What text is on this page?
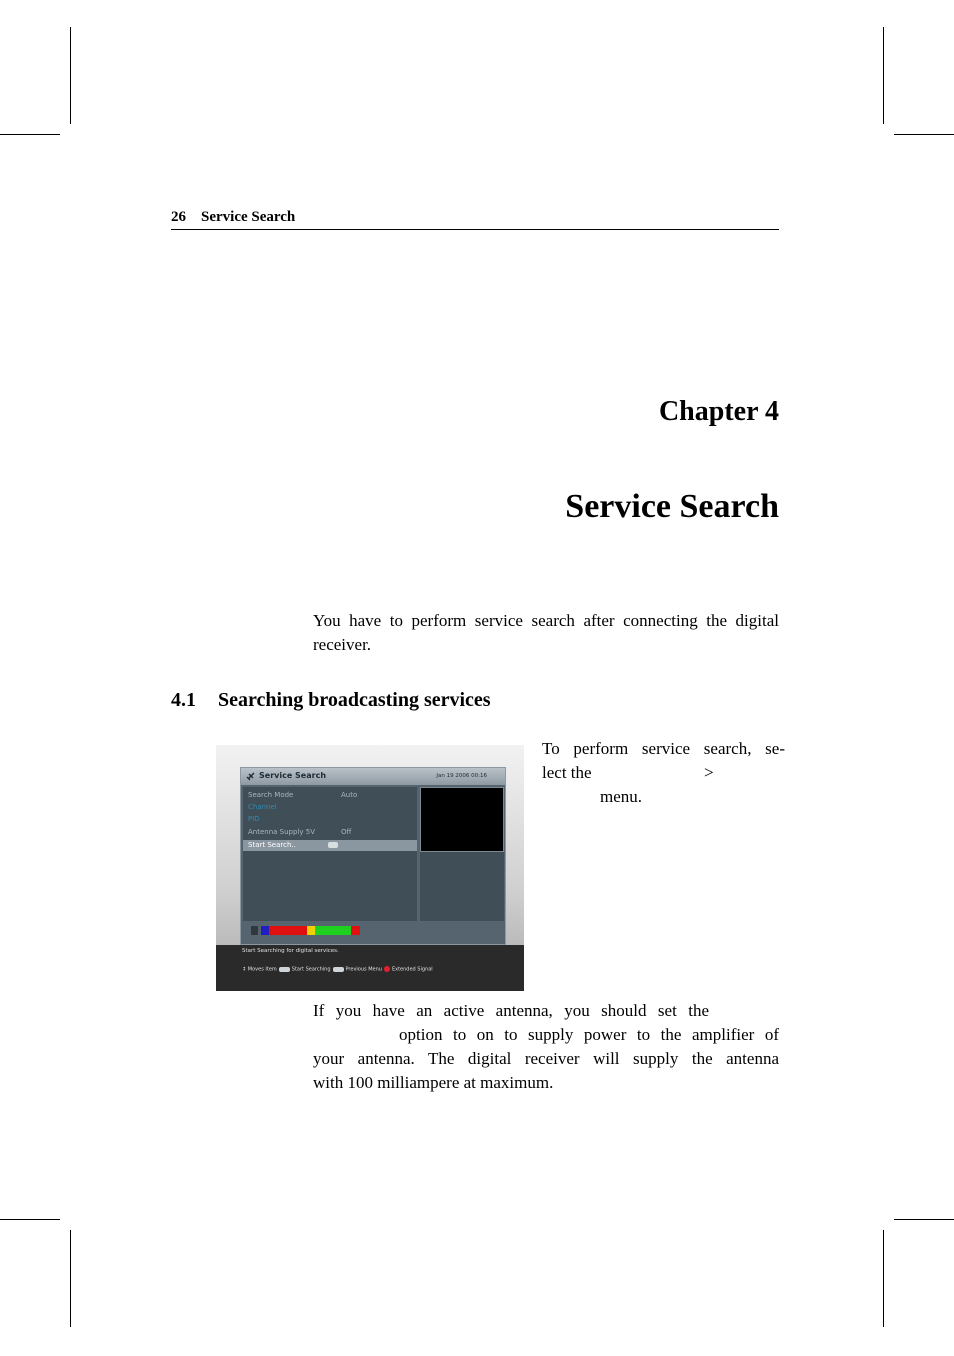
26 Service Search
Chapter 4
Service Search
You have to perform service search after connecting the digital receiver.
4.1 Searching broadcasting services
To perform service search, se-
lect the	>
menu.
Service Search	Jan 19 2006 00:16
Search Mode	Auto
Channel
PID
Antenna Supply 5V	Off
Start Search..
Start Searching for digital services.
↕ Moves Item	Start Searching	Previous Menu Extended Signal
If you have an active antenna, you should set the
option to on to supply power to the amplifier of
your antenna. The digital receiver will supply the antenna
with 100 milliampere at maximum.
